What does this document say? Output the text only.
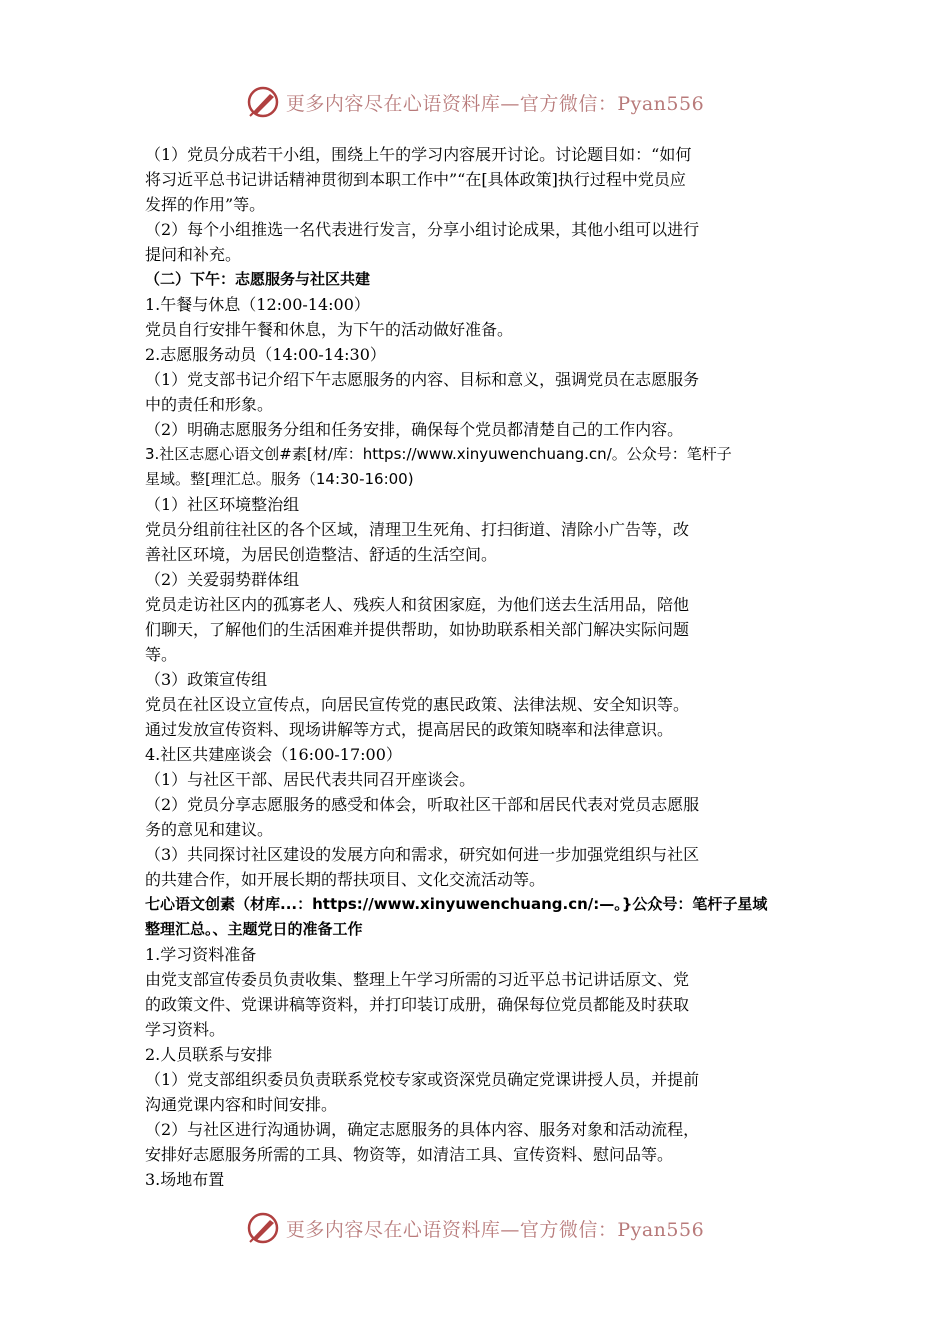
更多内容尽在心语资料库—官方微信：Pyan556

（1）党员分成若干小组，围绕上午的学习内容展开讨论。讨论题目如：“如何

将习近平总书记讲话精神贯彻到本职工作中”“在[具体政策]执行过程中党员应

发挥的作用”等。

（2）每个小组推选一名代表进行发言，分享小组讨论成果，其他小组可以进行

提问和补充。

（二）下午：志愿服务与社区共建

1.午餐与休息（12:00-14:00）

党员自行安排午餐和休息，为下午的活动做好准备。

2.志愿服务动员（14:00-14:30）

（1）党支部书记介绍下午志愿服务的内容、目标和意义，强调党员在志愿服务

中的责任和形象。

（2）明确志愿服务分组和任务安排，确保每个党员都清楚自己的工作内容。

3.社区志愿心语文创#素[材/库：https://www.xinyuwenchuang.cn/。公众号：笔杆子

星域。整[理汇总。服务（14:30-16:00)

（1）社区环境整治组

党员分组前往社区的各个区域，清理卫生死角、打扫街道、清除小广告等，改

善社区环境，为居民创造整洁、舒适的生活空间。

（2）关爱弱势群体组

党员走访社区内的孤寡老人、残疾人和贫困家庭，为他们送去生活用品，陪他

们聊天，了解他们的生活困难并提供帮助，如协助联系相关部门解决实际问题

等。

（3）政策宣传组

党员在社区设立宣传点，向居民宣传党的惠民政策、法律法规、安全知识等。

通过发放宣传资料、现场讲解等方式，提高居民的政策知晓率和法律意识。

4.社区共建座谈会（16:00-17:00）

（1）与社区干部、居民代表共同召开座谈会。

（2）党员分享志愿服务的感受和体会，听取社区干部和居民代表对党员志愿服

务的意见和建议。

（3）共同探讨社区建设的发展方向和需求，研究如何进一步加强党组织与社区

的共建合作，如开展长期的帮扶项目、文化交流活动等。

七心语文创素（材库...：https://www.xinyuwenchuang.cn/:—。}公众号：笔杆子星域

整理汇总。、主题党日的准备工作

1.学习资料准备

由党支部宣传委员负责收集、整理上午学习所需的习近平总书记讲话原文、党

的政策文件、党课讲稿等资料，并打印装订成册，确保每位党员都能及时获取

学习资料。

2.人员联系与安排

（1）党支部组织委员负责联系党校专家或资深党员确定党课讲授人员，并提前

沟通党课内容和时间安排。

（2）与社区进行沟通协调，确定志愿服务的具体内容、服务对象和活动流程，

安排好志愿服务所需的工具、物资等，如清洁工具、宣传资料、慰问品等。

3.场地布置

更多内容尽在心语资料库—官方微信：Pyan556
